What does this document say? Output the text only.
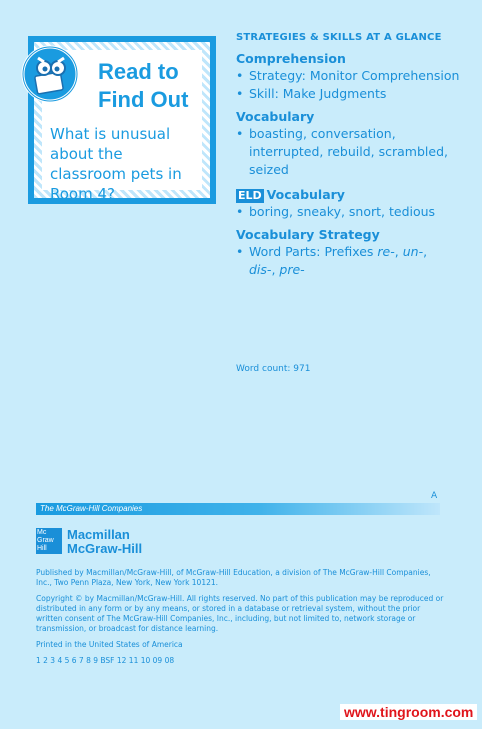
Read to
Find Out
What is unusual about the classroom pets in Room 4?
STRATEGIES & SKILLS AT A GLANCE
Comprehension
• Strategy: Monitor Comprehension
• Skill: Make Judgments
Vocabulary
• boasting, conversation, interrupted, rebuild, scrambled, seized
ELD Vocabulary
• boring, sneaky, snort, tedious
Vocabulary Strategy
• Word Parts: Prefixes re-, un-,
dis-, pre-
Word count: 971
A
The McGraw-Hill Companies
Mc Graw Hill
Macmillan
McGraw-Hill
Published by Macmillan/McGraw-Hill, of McGraw-Hill Education, a division of The McGraw-Hill Companies, Inc., Two Penn Plaza, New York, New York 10121.
Copyright © by Macmillan/McGraw-Hill. All rights reserved. No part of this publication may be reproduced or distributed in any form or by any means, or stored in a database or retrieval system, without the prior written consent of The McGraw-Hill Companies, Inc., including, but not limited to, network storage or transmission, or broadcast for distance learning.
Printed in the United States of America
1 2 3 4 5 6 7 8 9 BSF 12 11 10 09 08
www.tingroom.com
